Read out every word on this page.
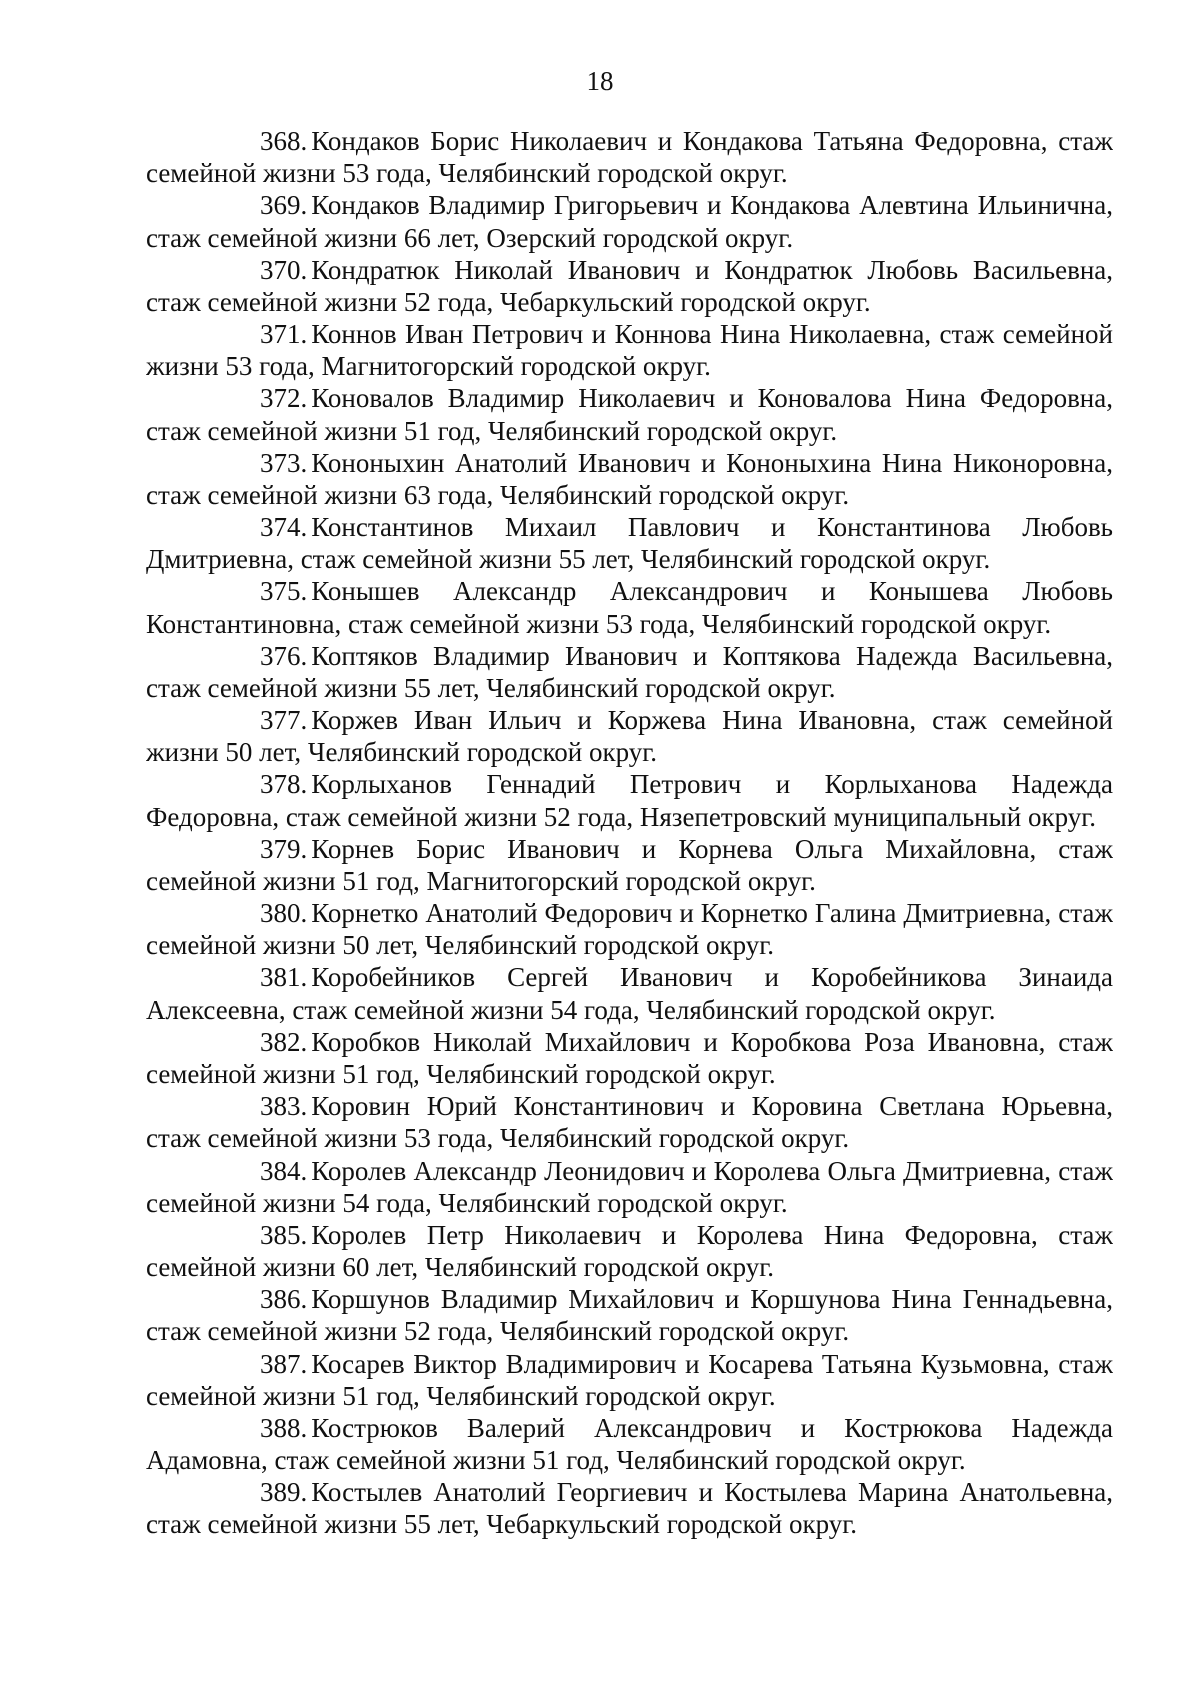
18

368. Кондаков Борис Николаевич и Кондакова Татьяна Федоровна, стаж семейной жизни 53 года, Челябинский городской округ.

369. Кондаков Владимир Григорьевич и Кондакова Алевтина Ильинична, стаж семейной жизни 66 лет, Озерский городской округ.

370. Кондратюк Николай Иванович и Кондратюк Любовь Васильевна, стаж семейной жизни 52 года, Чебаркульский городской округ.

371. Коннов Иван Петрович и Коннова Нина Николаевна, стаж семейной жизни 53 года, Магнитогорский городской округ.

372. Коновалов Владимир Николаевич и Коновалова Нина Федоровна, стаж семейной жизни 51 год, Челябинский городской округ.

373. Кононыхин Анатолий Иванович и Кононыхина Нина Никоноровна, стаж семейной жизни 63 года, Челябинский городской округ.

374. Константинов Михаил Павлович и Константинова Любовь Дмитриевна, стаж семейной жизни 55 лет, Челябинский городской округ.

375. Конышев Александр Александрович и Конышева Любовь Константиновна, стаж семейной жизни 53 года, Челябинский городской округ.

376. Коптяков Владимир Иванович и Коптякова Надежда Васильевна, стаж семейной жизни 55 лет, Челябинский городской округ.

377. Коржев Иван Ильич и Коржева Нина Ивановна, стаж семейной жизни 50 лет, Челябинский городской округ.

378. Корлыханов Геннадий Петрович и Корлыханова Надежда Федоровна, стаж семейной жизни 52 года, Нязепетровский муниципальный округ.

379. Корнев Борис Иванович и Корнева Ольга Михайловна, стаж семейной жизни 51 год, Магнитогорский городской округ.

380. Корнетко Анатолий Федорович и Корнетко Галина Дмитриевна, стаж семейной жизни 50 лет, Челябинский городской округ.

381. Коробейников Сергей Иванович и Коробейникова Зинаида Алексеевна, стаж семейной жизни 54 года, Челябинский городской округ.

382. Коробков Николай Михайлович и Коробкова Роза Ивановна, стаж семейной жизни 51 год, Челябинский городской округ.

383. Коровин Юрий Константинович и Коровина Светлана Юрьевна, стаж семейной жизни 53 года, Челябинский городской округ.

384. Королев Александр Леонидович и Королева Ольга Дмитриевна, стаж семейной жизни 54 года, Челябинский городской округ.

385. Королев Петр Николаевич и Королева Нина Федоровна, стаж семейной жизни 60 лет, Челябинский городской округ.

386. Коршунов Владимир Михайлович и Коршунова Нина Геннадьевна, стаж семейной жизни 52 года, Челябинский городской округ.

387. Косарев Виктор Владимирович и Косарева Татьяна Кузьмовна, стаж семейной жизни 51 год, Челябинский городской округ.

388. Кострюков Валерий Александрович и Кострюкова Надежда Адамовна, стаж семейной жизни 51 год, Челябинский городской округ.

389. Костылев Анатолий Георгиевич и Костылева Марина Анатольевна, стаж семейной жизни 55 лет, Чебаркульский городской округ.
